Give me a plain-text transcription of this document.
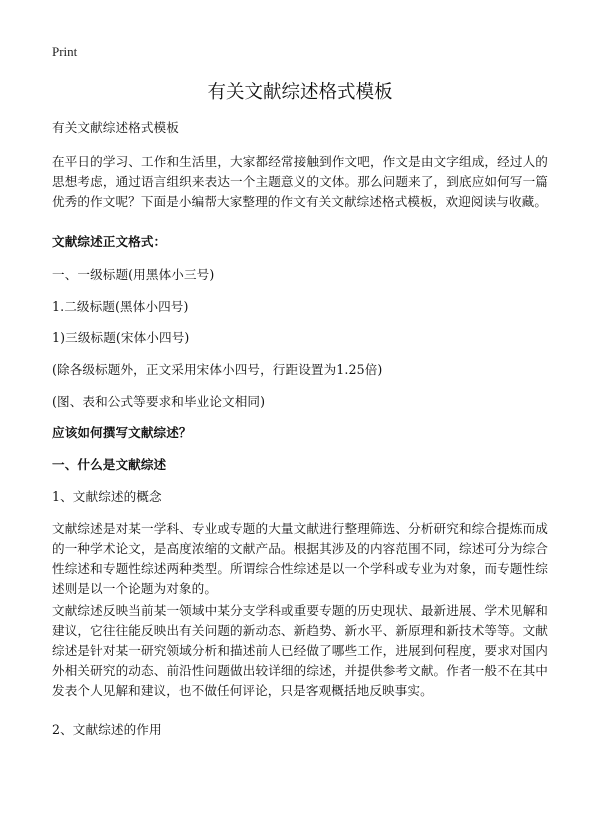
Print
有关文献综述格式模板
有关文献综述格式模板
在平日的学习、工作和生活里，大家都经常接触到作文吧，作文是由文字组成，经过人的思想考虑，通过语言组织来表达一个主题意义的文体。那么问题来了，到底应如何写一篇优秀的作文呢？下面是小编帮大家整理的作文有关文献综述格式模板，欢迎阅读与收藏。
文献综述正文格式：
一、一级标题(用黑体小三号)
1.二级标题(黑体小四号)
1)三级标题(宋体小四号)
(除各级标题外，正文采用宋体小四号，行距设置为1.25倍)
(图、表和公式等要求和毕业论文相同)
应该如何撰写文献综述？
一、什么是文献综述
1、文献综述的概念
文献综述是对某一学科、专业或专题的大量文献进行整理筛选、分析研究和综合提炼而成的一种学术论文，是高度浓缩的文献产品。根据其涉及的内容范围不同，综述可分为综合性综述和专题性综述两种类型。所谓综合性综述是以一个学科或专业为对象，而专题性综述则是以一个论题为对象的。
文献综述反映当前某一领域中某分支学科或重要专题的历史现状、最新进展、学术见解和建议，它往往能反映出有关问题的新动态、新趋势、新水平、新原理和新技术等等。文献综述是针对某一研究领域分析和描述前人已经做了哪些工作，进展到何程度，要求对国内外相关研究的动态、前沿性问题做出较详细的综述，并提供参考文献。作者一般不在其中发表个人见解和建议，也不做任何评论，只是客观概括地反映事实。
2、文献综述的作用
